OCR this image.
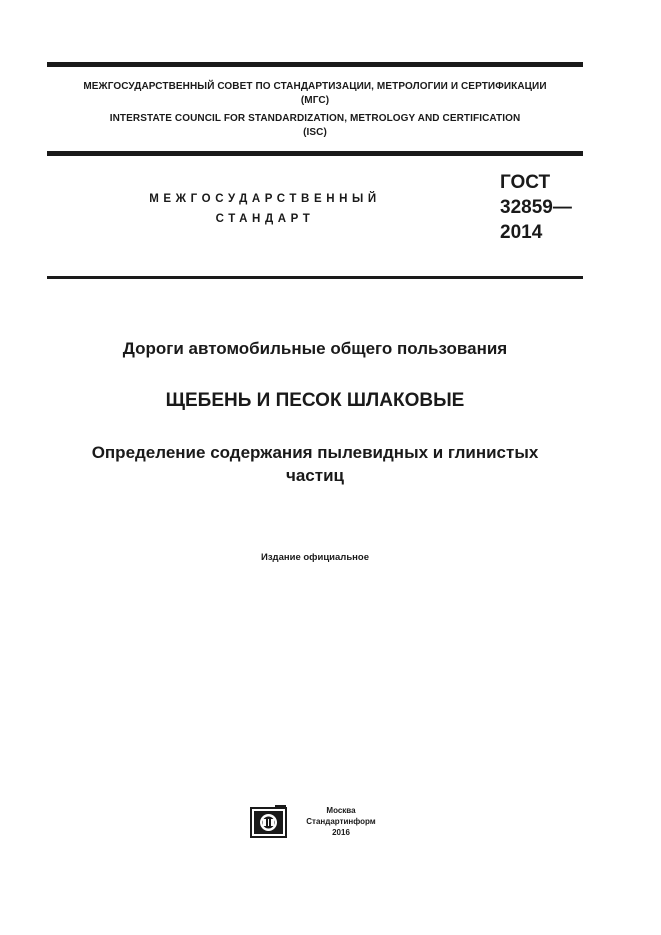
МЕЖГОСУДАРСТВЕННЫЙ СОВЕТ ПО СТАНДАРТИЗАЦИИ, МЕТРОЛОГИИ И СЕРТИФИКАЦИИ
(МГС)
INTERSTATE COUNCIL FOR STANDARDIZATION, METROLOGY AND CERTIFICATION
(ISC)
МЕЖГОСУДАРСТВЕННЫЙ
СТАНДАРТ
ГОСТ
32859—
2014
Дороги автомобильные общего пользования
ЩЕБЕНЬ И ПЕСОК ШЛАКОВЫЕ
Определение содержания пылевидных и глинистых
частиц
Издание официальное
Москва
Стандартинформ
2016
